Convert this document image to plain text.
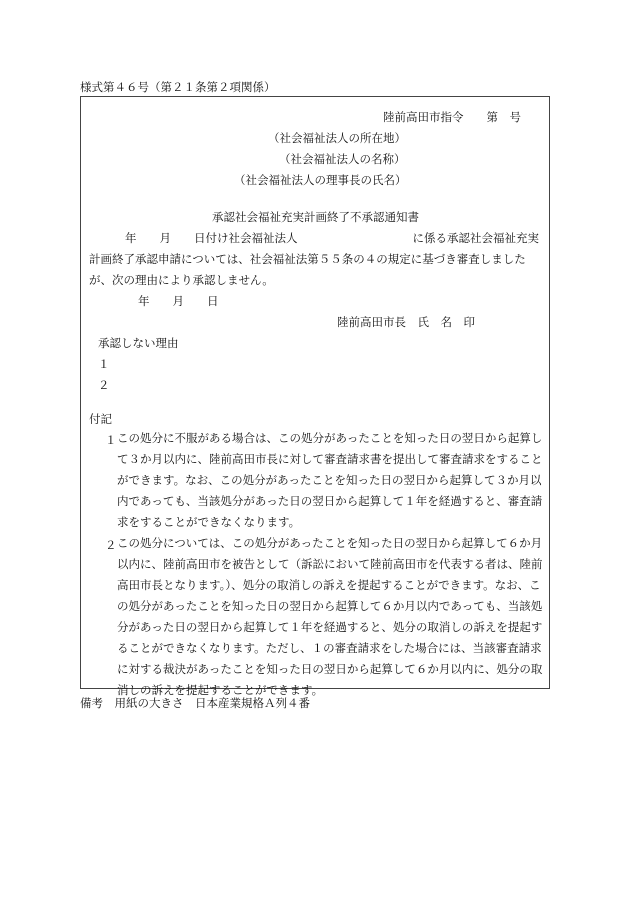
様式第４６号（第２１条第２項関係）
陸前高田市指令　　第　号
（社会福祉法人の所在地）
（社会福祉法人の名称）
（社会福祉法人の理事長の氏名）
承認社会福祉充実計画終了不承認通知書
　　年　　月　　日付け社会福祉法人　　　　　　　　　　に係る承認社会福祉充実
計画終了承認申請については、社会福祉法第５５条の４の規定に基づき審査しました
が、次の理由により承認しません。
年　　月　　日
陸前高田市長　氏　名　印
承認しない理由
１
２
付記
１ この処分に不服がある場合は、この処分があったことを知った日の翌日から起算して３か月以内に、陸前高田市長に対して審査請求書を提出して審査請求をすることができます。なお、この処分があったことを知った日の翌日から起算して３か月以内であっても、当該処分があった日の翌日から起算して１年を経過すると、審査請求をすることができなくなります。
２ この処分については、この処分があったことを知った日の翌日から起算して６か月以内に、陸前高田市を被告として（訴訟において陸前高田市を代表する者は、陸前高田市長となります。）、処分の取消しの訴えを提起することができます。なお、この処分があったことを知った日の翌日から起算して６か月以内であっても、当該処分があった日の翌日から起算して１年を経過すると、処分の取消しの訴えを提起することができなくなります。ただし、１の審査請求をした場合には、当該審査請求に対する裁決があったことを知った日の翌日から起算して６か月以内に、処分の取消しの訴えを提起することができます。
備考　用紙の大きさ　日本産業規格Ａ列４番
